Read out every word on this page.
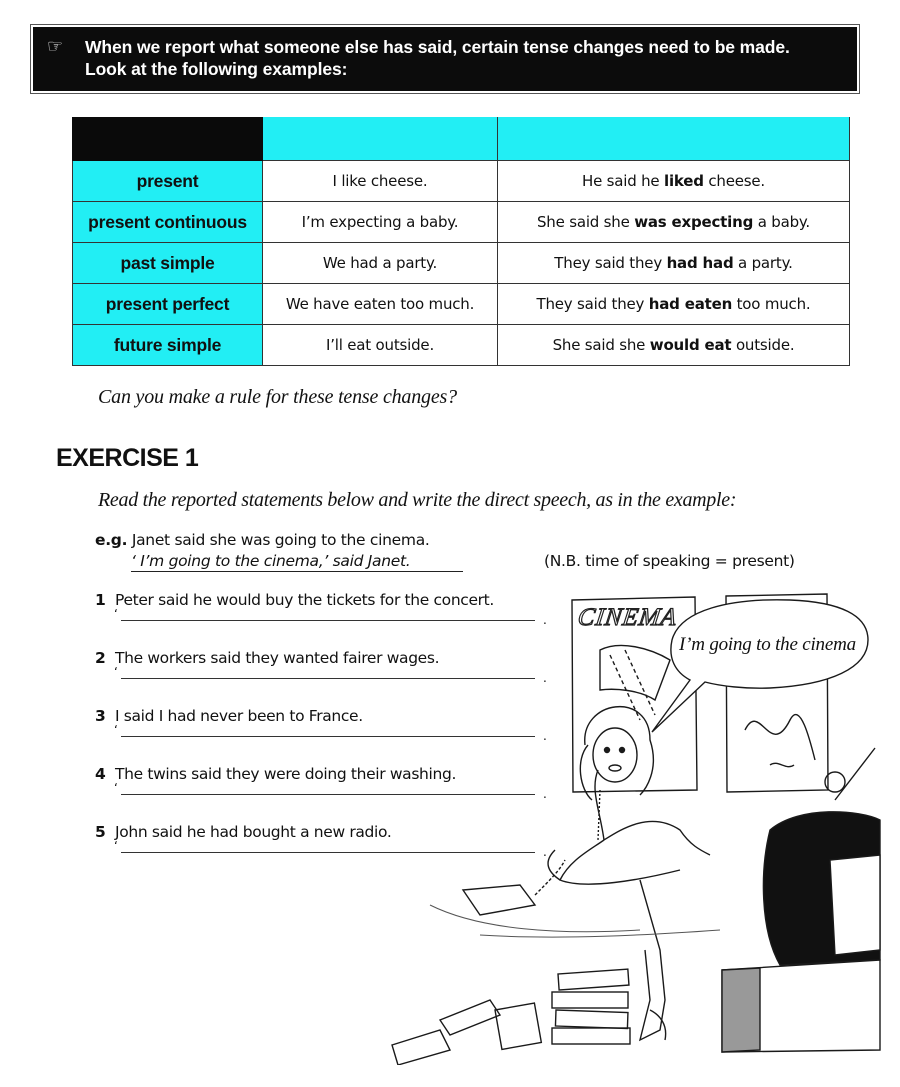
☞	When we report what someone else has said, certain tense changes need to be made.
Look at the following examples:

present	I like cheese.	He said he liked cheese.
present continuous	I’m expecting a baby.	She said she was expecting a baby.
past simple	We had a party.	They said they had had a party.
present perfect	We have eaten too much.	They said they had eaten too much.
future simple	I’ll eat outside.	She said she would eat outside.
Can you make a rule for these tense changes?
EXERCISE 1
Read the reported statements below and write the direct speech, as in the example:
e.g. Janet said she was going to the cinema.
‘ I’m going to the cinema,’ said Janet.	(N.B. time of speaking = present)
1 Peter said he would buy the tickets for the concert.
‘	.
2 The workers said they wanted fairer wages.
‘	.
3 I said I had never been to France.
‘	.
4 The twins said they were doing their washing.
‘	.
5 John said he had bought a new radio.
‘	.
CINEMA
I’m going to the cinema
